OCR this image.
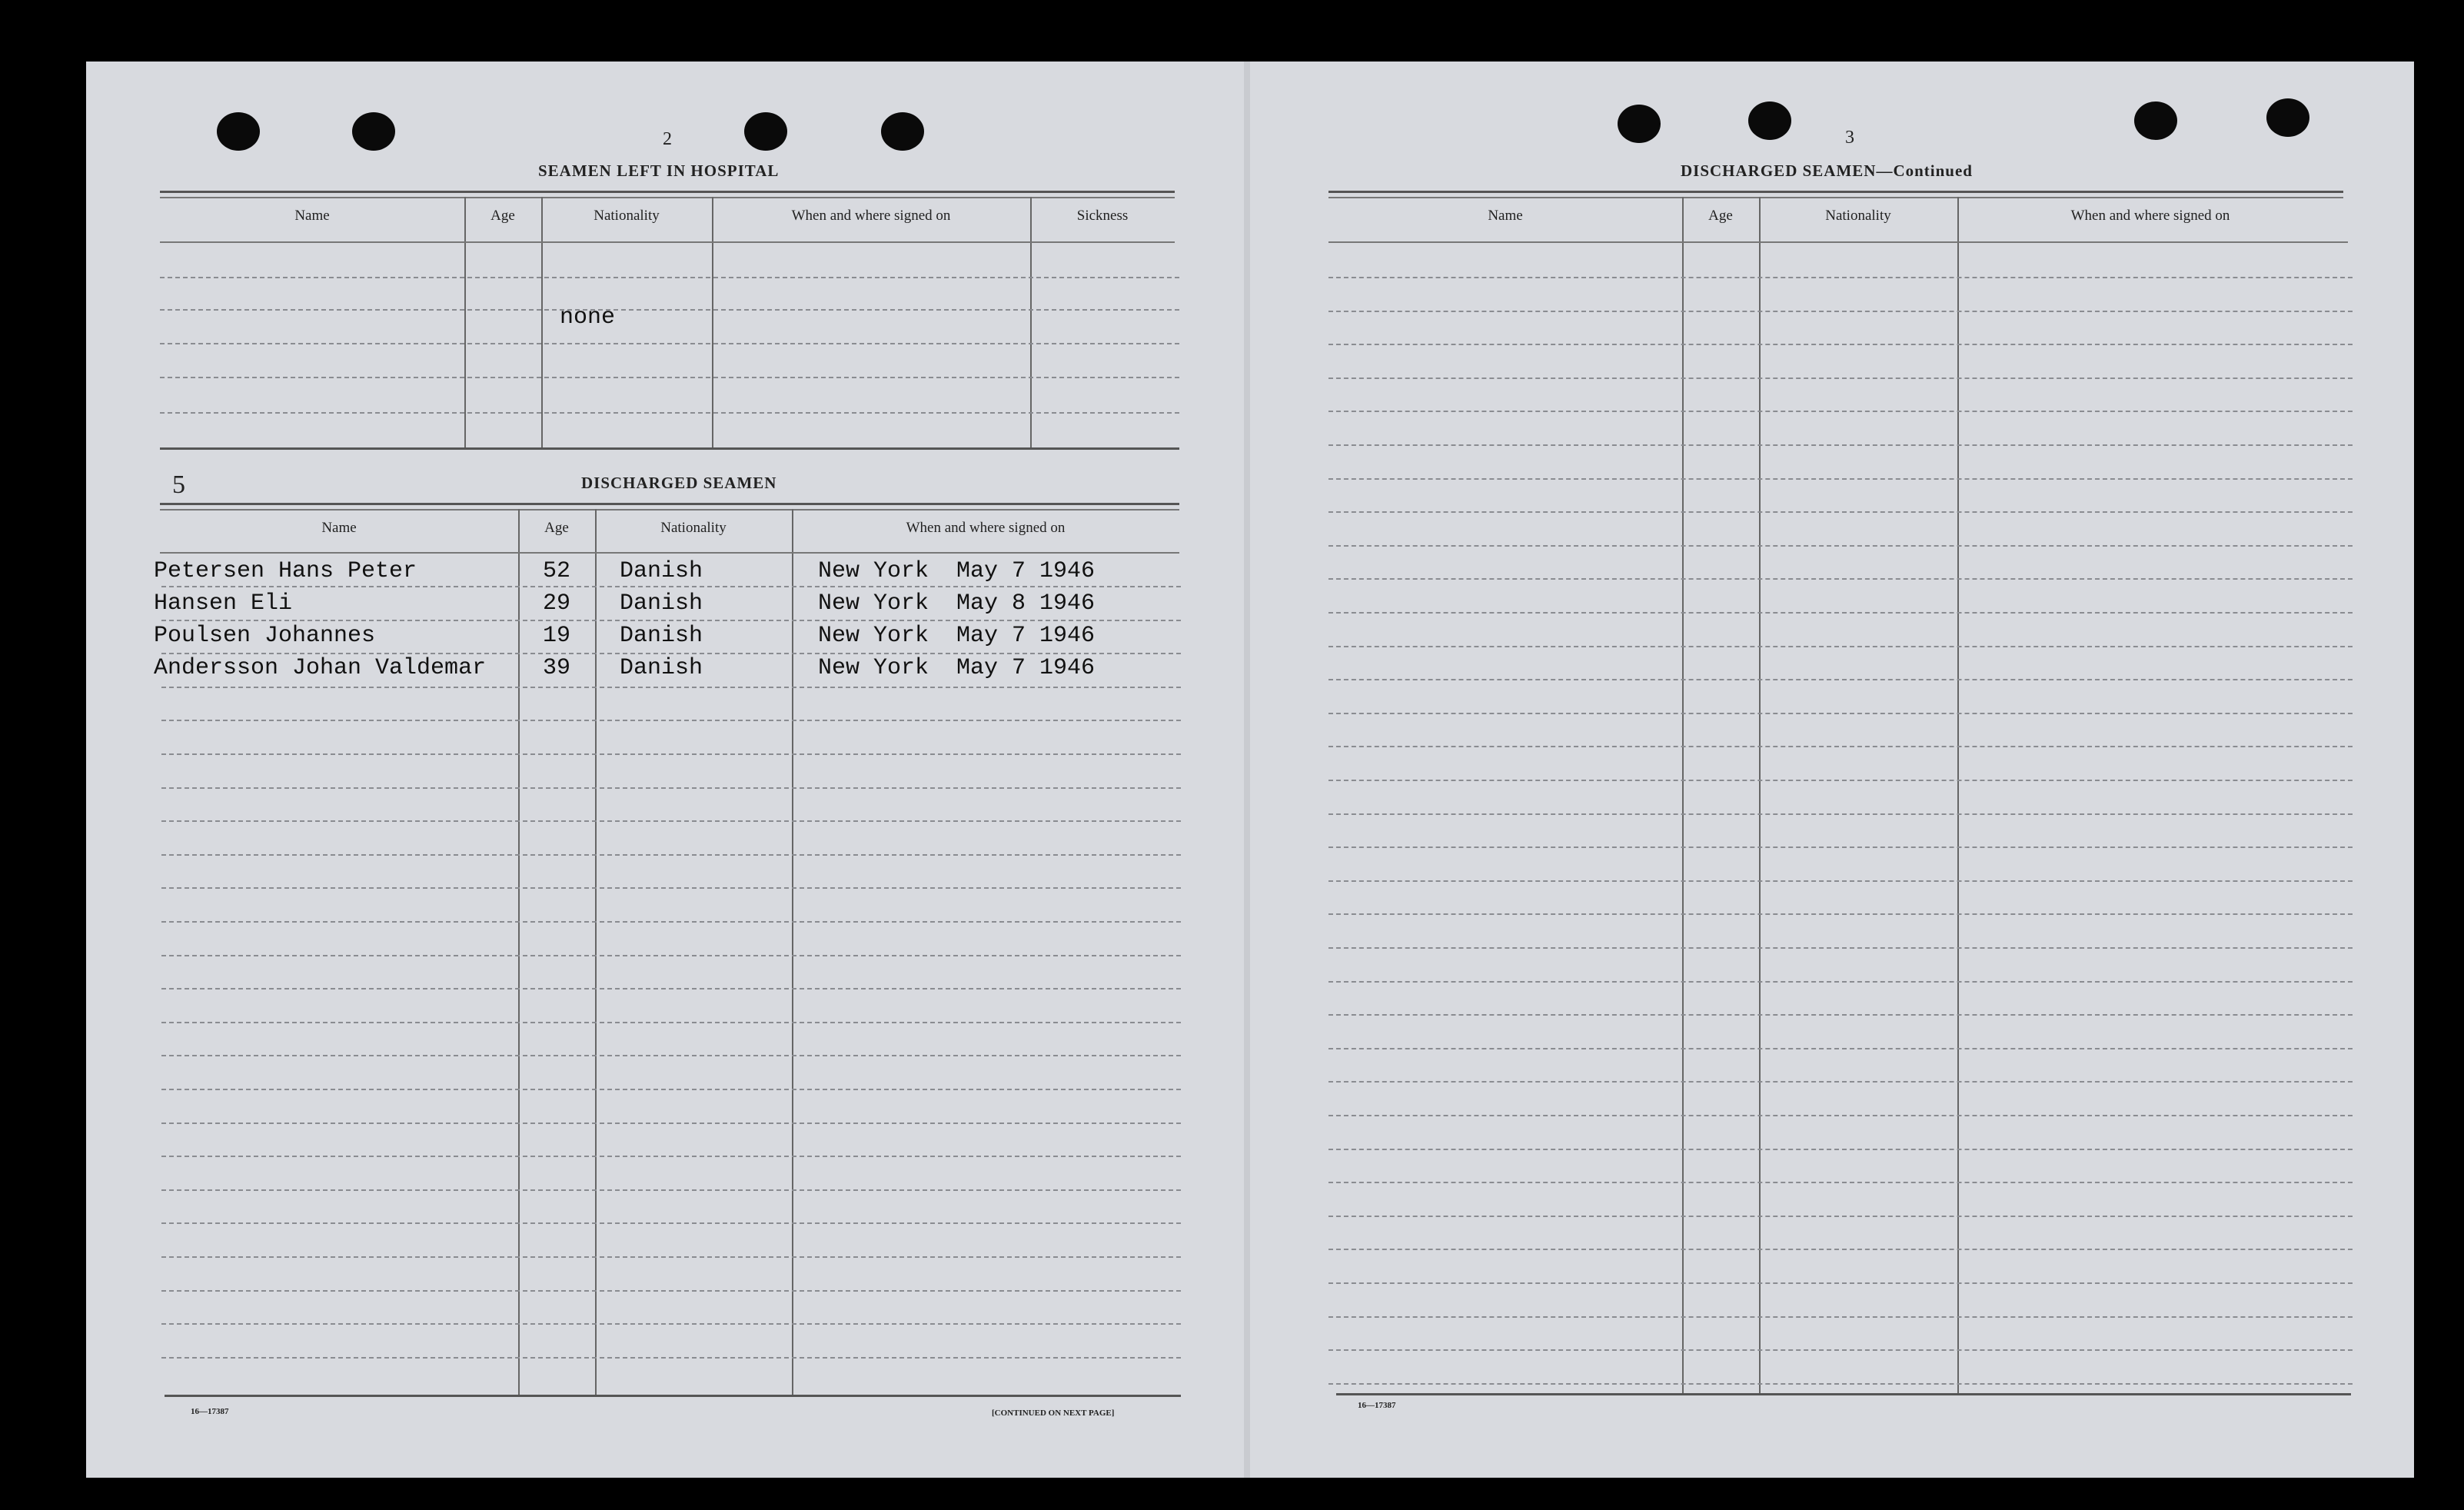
2
SEAMEN LEFT IN HOSPITAL
Name	Age	Nationality	When and where signed on	Sickness
none
5	DISCHARGED SEAMEN
Name	Age	Nationality	When and where signed on
Petersen Hans Peter	52 Danish	New York  May 7 1946
Hansen Eli	29 Danish	New York  May 8 1946
Poulsen Johannes	19 Danish	New York  May 7 1946
Andersson Johan Valdemar 39 Danish	New York  May 7 1946
16—17387	[CONTINUED ON NEXT PAGE]
3
DISCHARGED SEAMEN—Continued
Name	Age	Nationality	When and where signed on
16—17387
